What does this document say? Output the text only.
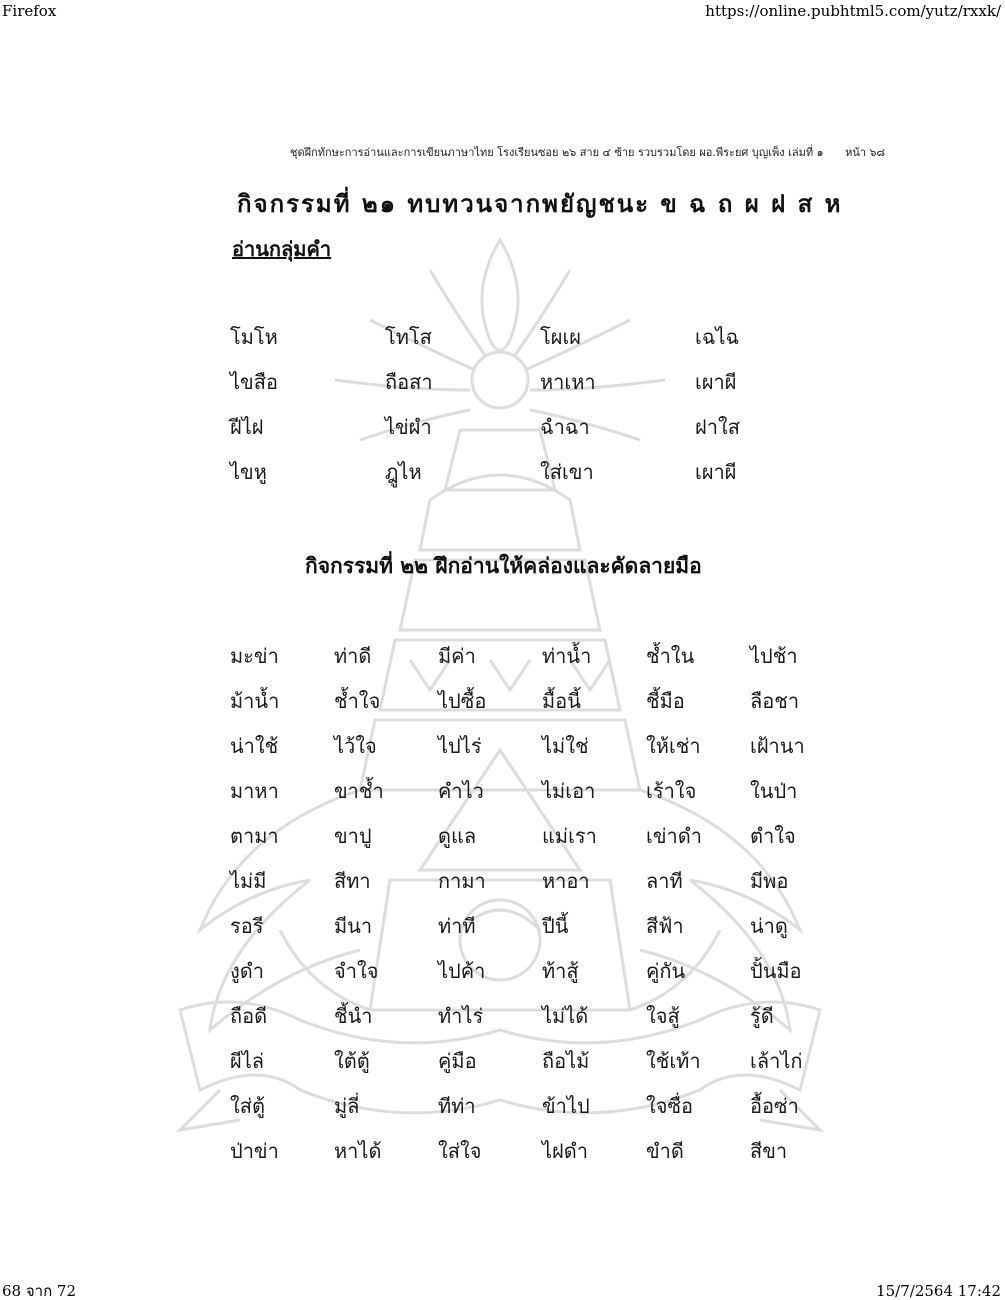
Firefox	https://online.pubhtml5.com/yutz/rxxk/
ชุดฝึกทักษะการอ่านและการเขียนภาษาไทย โรงเรียนซอย ๒๖ สาย ๔ ซ้าย รวบรวมโดย ผอ.พีระยศ บุญเพ็ง เล่มที่ ๑ หน้า ๖๘
กิจกรรมที่ ๒๑ ทบทวนจากพยัญชนะ ข ฉ ถ ผ ฝ ส ห
อ่านกลุ่มคำ
โมโห	โทโส	โผเผ	เฉไฉ
ไขสือ	ถือสา	หาเหา	เผาผี
ฝีไฝ	ไข่ผำ	ฉำฉา	ฝาใส
ไขหู	ฎูไห	ใส่เขา	เผาผี
กิจกรรมที่ ๒๒ ฝึกอ่านให้คล่องและคัดลายมือ
มะข่า	ท่าดี	มีค่า	ท่าน้ำ	ช้ำใน	ไปช้า
ม้าน้ำ	ช้ำใจ	ไปซื้อ	มื้อนี้	ชี้มือ	ลือชา
น่าใช้	ไว้ใจ	ไปไร่	ไม่ใช่	ให้เช่า	เฝ้านา
มาหา	ขาช้ำ	คำไว	ไม่เอา	เร้าใจ	ในป่า
ตามา	ขาปู	ดูแล	แม่เรา	เข่าดำ	ตำใจ
ไม่มี	สีทา	กามา	หาอา	ลาที	มีพอ
รอรี	มีนา	ท่าที	ปีนี้	สีฟ้า	น่าดู
งูดำ	จำใจ	ไปค้า	ท้าสู้	คู่กัน	ปั้นมือ
ถือดี	ชี้นำ	ทำไร่	ไม่ได้	ใจสู้	รู้ดี
ผีไล่	ใต้ตู้	คู่มือ	ถือไม้	ใช้เท้า	เล้าไก่
ใส่ตู้	มู่ลี่	ทีท่า	ข้าไป	ใจซื่อ	อื้อซ่า
ป่าข่า	หาได้	ใส่ใจ	ไฝดำ	ขำดี	สีขา
68 จาก 72	15/7/2564 17:42
